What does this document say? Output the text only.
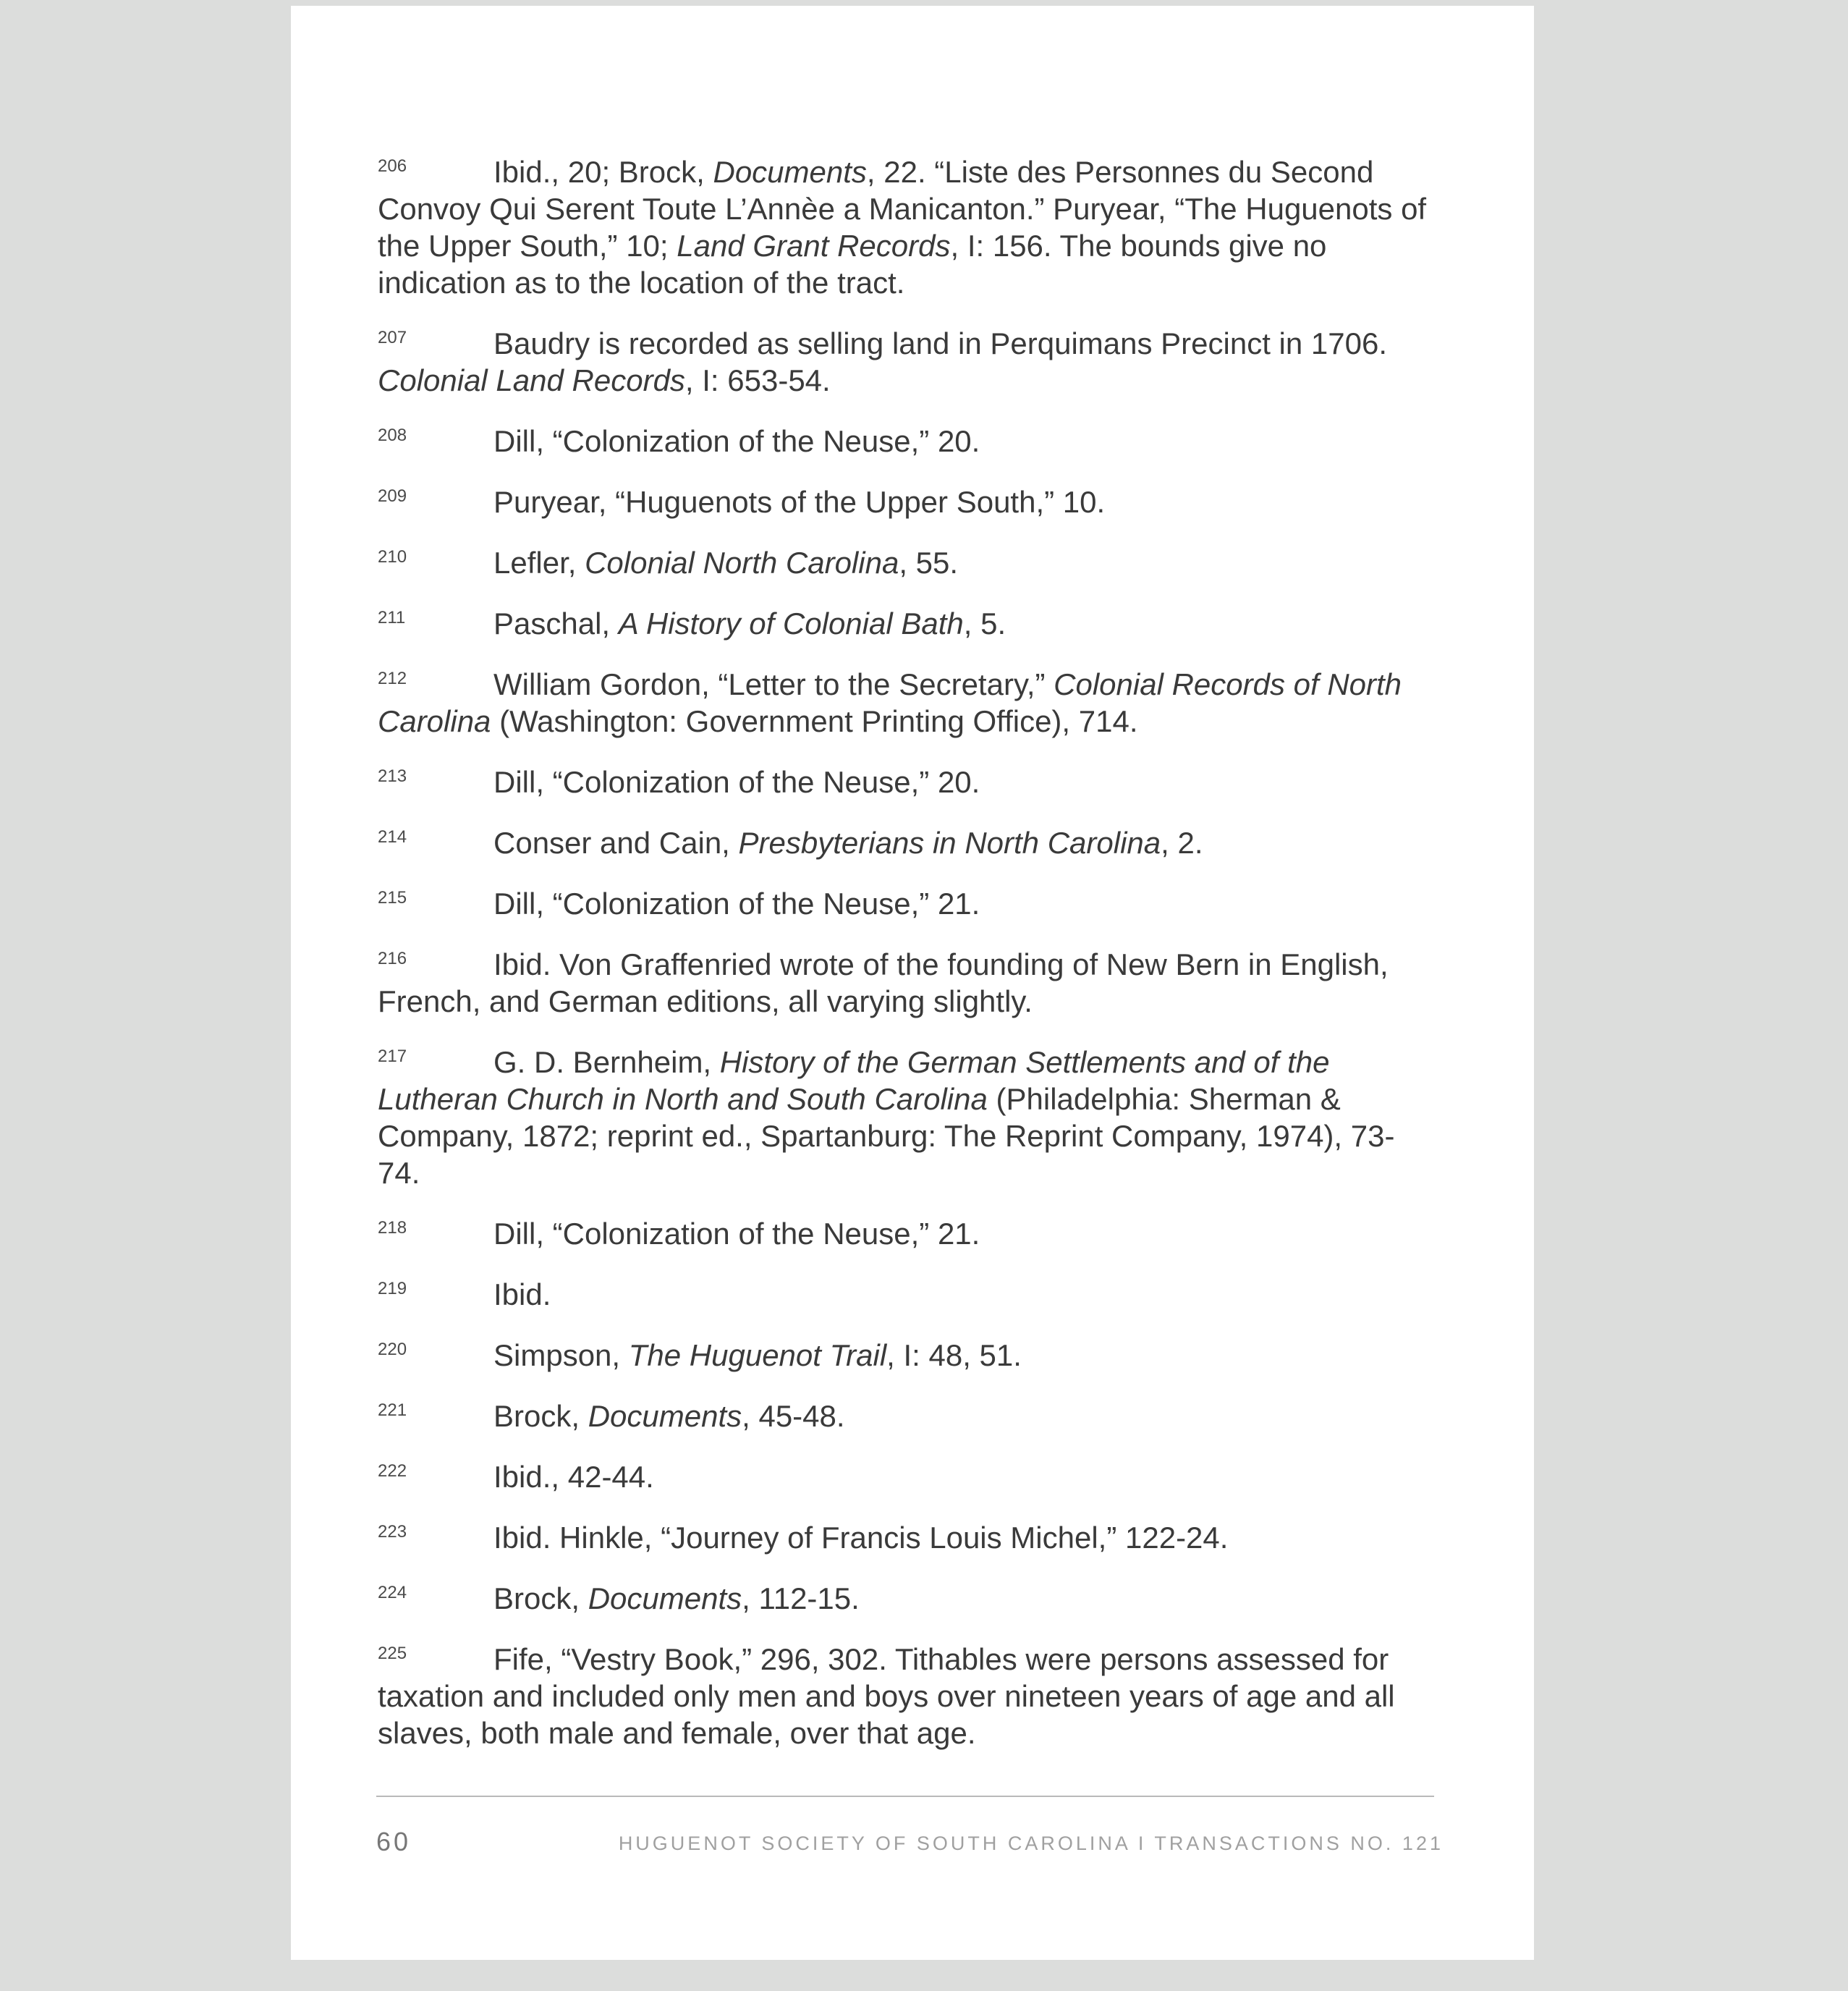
206	Ibid., 20; Brock, Documents, 22. “Liste des Personnes du Second Convoy Qui Serent Toute L’Annèe a Manicanton.” Puryear, “The Huguenots of the Upper South,” 10; Land Grant Records, I: 156. The bounds give no indication as to the location of the tract.
207	Baudry is recorded as selling land in Perquimans Precinct in 1706. Colonial Land Records, I: 653-54.
208	Dill, “Colonization of the Neuse,” 20.
209	Puryear, “Huguenots of the Upper South,” 10.
210	Lefler, Colonial North Carolina, 55.
211	Paschal, A History of Colonial Bath, 5.
212	William Gordon, “Letter to the Secretary,” Colonial Records of North Carolina (Washington: Government Printing Office), 714.
213	Dill, “Colonization of the Neuse,” 20.
214	Conser and Cain, Presbyterians in North Carolina, 2.
215	Dill, “Colonization of the Neuse,” 21.
216	Ibid. Von Graffenried wrote of the founding of New Bern in English, French, and German editions, all varying slightly.
217	G. D. Bernheim, History of the German Settlements and of the Lutheran Church in North and South Carolina (Philadelphia: Sherman & Company, 1872; reprint ed., Spartanburg: The Reprint Company, 1974), 73-74.
218	Dill, “Colonization of the Neuse,” 21.
219	Ibid.
220	Simpson, The Huguenot Trail, I: 48, 51.
221	Brock, Documents, 45-48.
222	Ibid., 42-44.
223	Ibid. Hinkle, “Journey of Francis Louis Michel,” 122-24.
224	Brock, Documents, 112-15.
225	Fife, “Vestry Book,” 296, 302. Tithables were persons assessed for taxation and included only men and boys over nineteen years of age and all slaves, both male and female, over that age.
60	HUGUENOT SOCIETY OF SOUTH CAROLINA I TRANSACTIONS NO. 121
